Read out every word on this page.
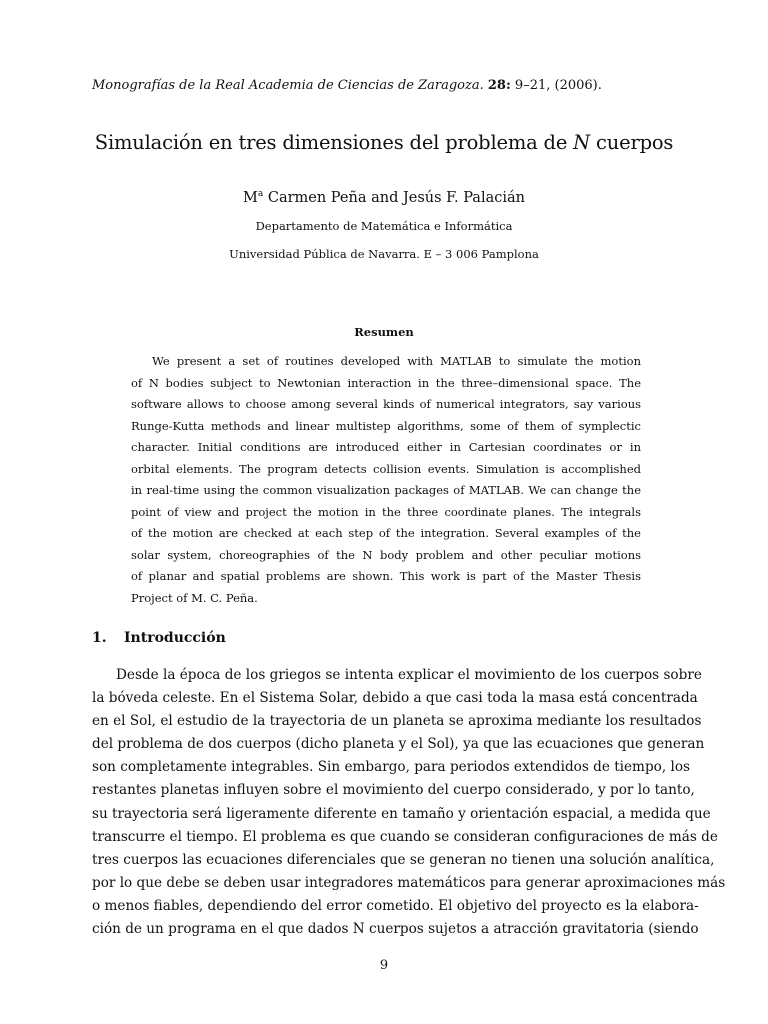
Monografías de la Real Academia de Ciencias de Zaragoza. 28: 9–21, (2006).
Simulación en tres dimensiones del problema de N cuerpos
$M^a$ Carmen Peña and Jesús F. Palacián
Departamento de Matemática e Informática
Universidad Pública de Navarra. E – 3 006 Pamplona
Resumen
We present a set of routines developed with MATLAB to simulate the motion
of N bodies subject to Newtonian interaction in the three–dimensional space. The
software allows to choose among several kinds of numerical integrators, say various
Runge-Kutta methods and linear multistep algorithms, some of them of symplectic
character. Initial conditions are introduced either in Cartesian coordinates or in
orbital elements. The program detects collision events. Simulation is accomplished
in real-time using the common visualization packages of MATLAB. We can change the
point of view and project the motion in the three coordinate planes. The integrals
of the motion are checked at each step of the integration. Several examples of the
solar system, choreographies of the N body problem and other peculiar motions
of planar and spatial problems are shown. This work is part of the Master Thesis
Project of M. C. Peña.
1. Introducción
Desde la época de los griegos se intenta explicar el movimiento de los cuerpos sobre
la bóveda celeste. En el Sistema Solar, debido a que casi toda la masa está concentrada
en el Sol, el estudio de la trayectoria de un planeta se aproxima mediante los resultados
del problema de dos cuerpos (dicho planeta y el Sol), ya que las ecuaciones que generan
son completamente integrables. Sin embargo, para periodos extendidos de tiempo, los
restantes planetas influyen sobre el movimiento del cuerpo considerado, y por lo tanto,
su trayectoria será ligeramente diferente en tamaño y orientación espacial, a medida que
transcurre el tiempo. El problema es que cuando se consideran configuraciones de más de
tres cuerpos las ecuaciones diferenciales que se generan no tienen una solución analítica,
por lo que debe se deben usar integradores matemáticos para generar aproximaciones más
o menos fiables, dependiendo del error cometido. El objetivo del proyecto es la elabora-
ción de un programa en el que dados N cuerpos sujetos a atracción gravitatoria (siendo
9
